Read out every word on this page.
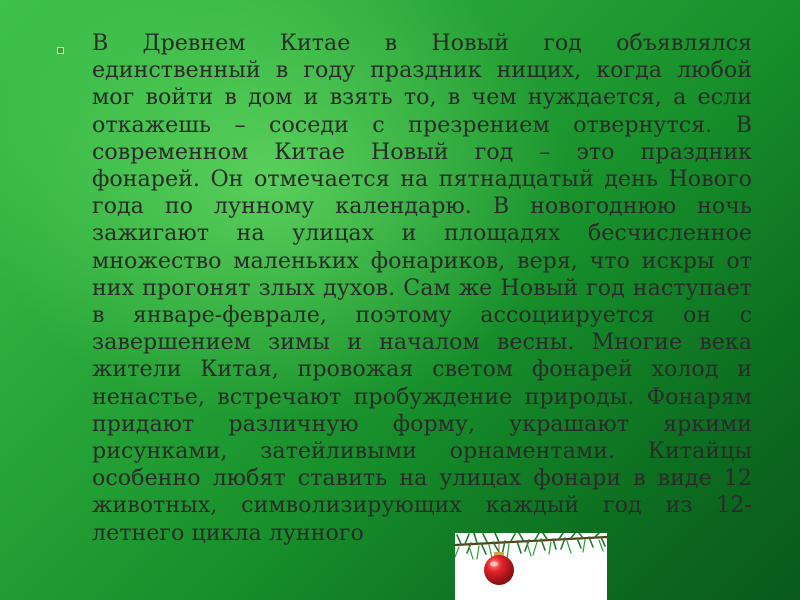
В Древнем Китае в Новый год объявлялся единственный в году праздник нищих, когда любой мог войти в дом и взять то, в чем нуждается, а если откажешь – соседи с презрением отвернутся. В современном Китае Новый год – это праздник фонарей. Он отмечается на пятнадцатый день Нового года по лунному календарю. В новогоднюю ночь зажигают на улицах и площадях бесчисленное множество маленьких фонариков, веря, что искры от них прогонят злых духов. Сам же Новый год наступает в январе-феврале, поэтому ассоциируется он с завершением зимы и началом весны. Многие века жители Китая, провожая светом фонарей холод и ненастье, встречают пробуждение природы. Фонарям придают различную форму, украшают яркими рисунками, затейливыми орнаментами. Китайцы особенно любят ставить на улицах фонари в виде 12 животных, символизирующих каждый год из 12-летнего цикла лунного
